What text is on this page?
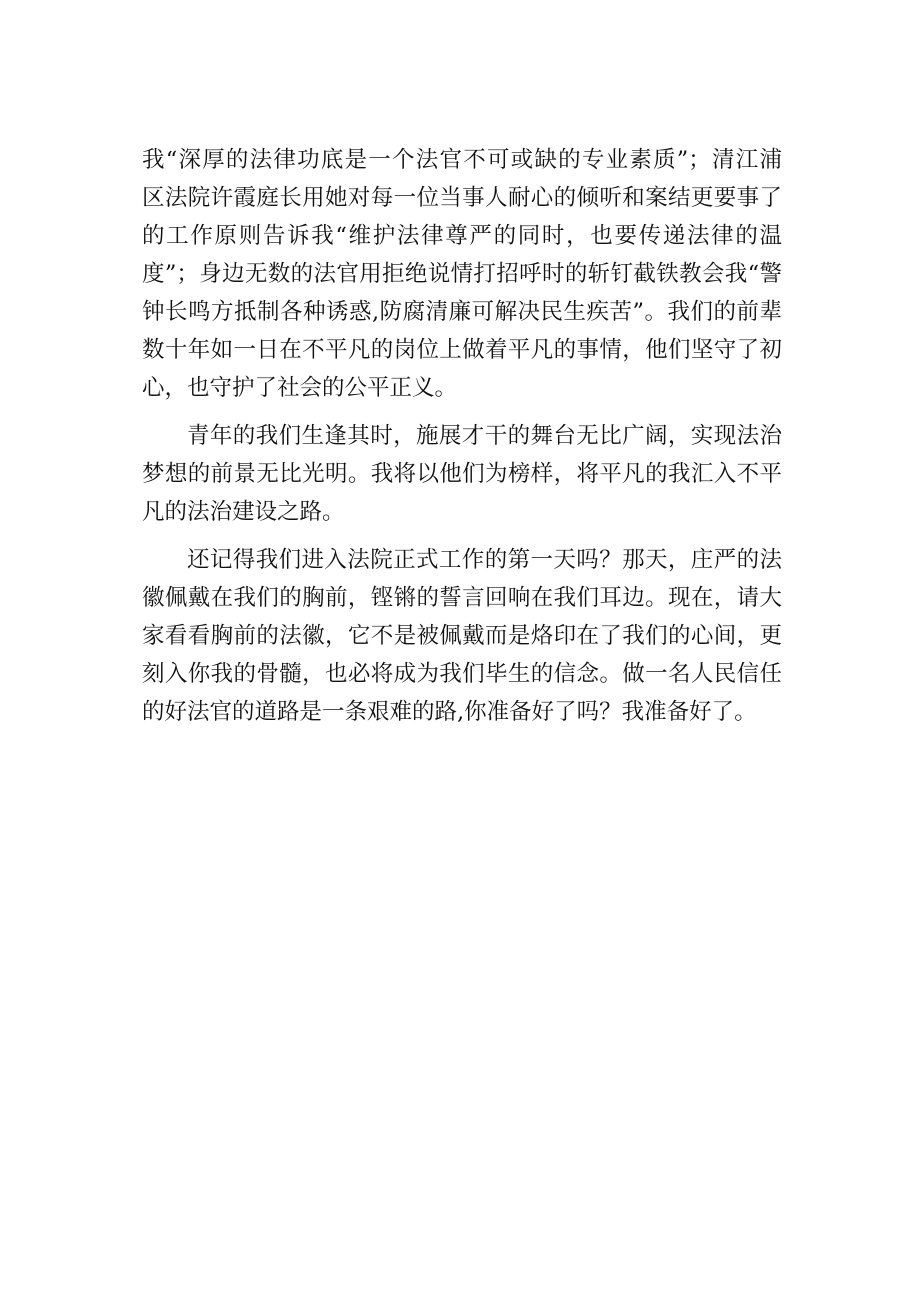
我“深厚的法律功底是一个法官不可或缺的专业素质”；清江浦
区法院许霞庭长用她对每一位当事人耐心的倾听和案结更要事了
的工作原则告诉我“维护法律尊严的同时，也要传递法律的温
度”；身边无数的法官用拒绝说情打招呼时的斩钉截铁教会我“警
钟长鸣方抵制各种诱惑,防腐清廉可解决民生疾苦”。我们的前辈
数十年如一日在不平凡的岗位上做着平凡的事情，他们坚守了初
心，也守护了社会的公平正义。
青年的我们生逢其时，施展才干的舞台无比广阔，实现法治
梦想的前景无比光明。我将以他们为榜样，将平凡的我汇入不平
凡的法治建设之路。
还记得我们进入法院正式工作的第一天吗？那天，庄严的法
徽佩戴在我们的胸前，铿锵的誓言回响在我们耳边。现在，请大
家看看胸前的法徽，它不是被佩戴而是烙印在了我们的心间，更
刻入你我的骨髓，也必将成为我们毕生的信念。做一名人民信任
的好法官的道路是一条艰难的路,你准备好了吗？我准备好了。
